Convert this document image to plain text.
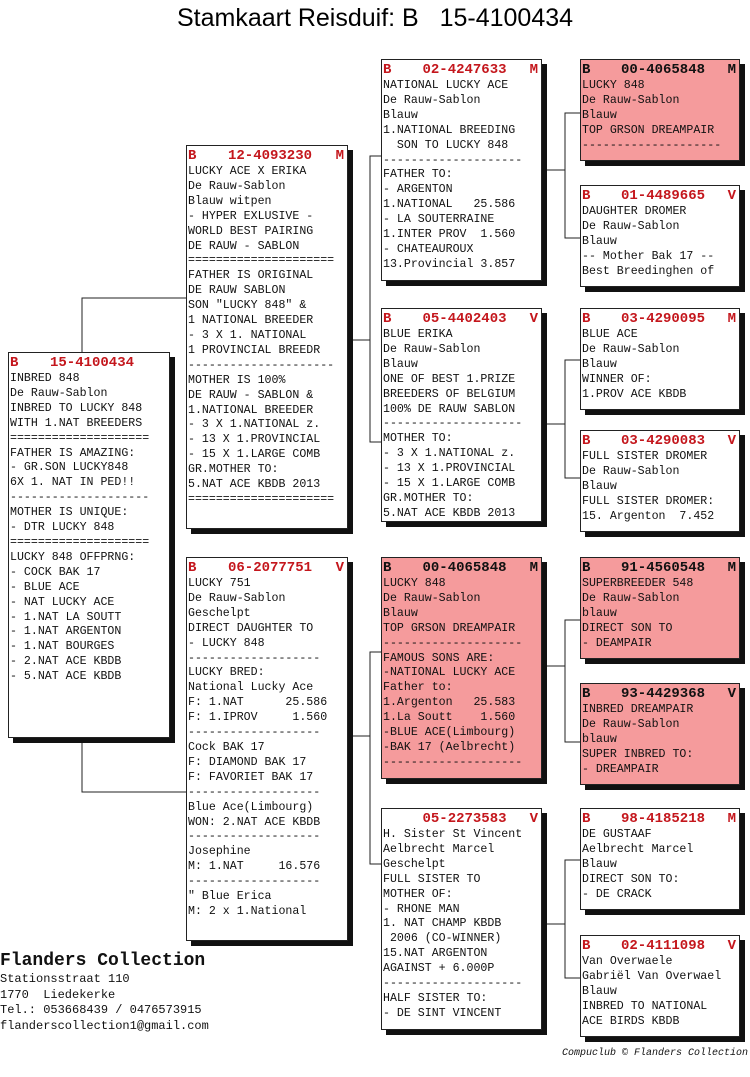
Stamkaart Reisduif: B   15-4100434
B	15-4100434
INBRED 848
De Rauw-Sablon
INBRED TO LUCKY 848
WITH 1.NAT BREEDERS
====================
FATHER IS AMAZING:
- GR.SON LUCKY848
6X 1. NAT IN PED!!
--------------------
MOTHER IS UNIQUE:
- DTR LUCKY 848
====================
LUCKY 848 OFFPRNG:
- COCK BAK 17
- BLUE ACE
- NAT LUCKY ACE
- 1.NAT LA SOUTT
- 1.NAT ARGENTON
- 1.NAT BOURGES
- 2.NAT ACE KBDB
- 5.NAT ACE KBDB
B	12-4093230	M
LUCKY ACE X ERIKA
De Rauw-Sablon
Blauw witpen
- HYPER EXLUSIVE -
WORLD BEST PAIRING
DE RAUW - SABLON
=====================
FATHER IS ORIGINAL
DE RAUW SABLON
SON "LUCKY 848" &
1 NATIONAL BREEDER
- 3 X 1. NATIONAL
1 PROVINCIAL BREEDR
---------------------
MOTHER IS 100%
DE RAUW - SABLON &
1.NATIONAL BREEDER
- 3 X 1.NATIONAL z.
- 13 X 1.PROVINCIAL
- 15 X 1.LARGE COMB
GR.MOTHER TO:
5.NAT ACE KBDB 2013
=====================
B	06-2077751	V
LUCKY 751
De Rauw-Sablon
Geschelpt
DIRECT DAUGHTER TO
- LUCKY 848
-------------------
LUCKY BRED:
National Lucky Ace
F: 1.NAT      25.586
F: 1.IPROV     1.560
-------------------
Cock BAK 17
F: DIAMOND BAK 17
F: FAVORIET BAK 17
-------------------
Blue Ace(Limbourg)
WON: 2.NAT ACE KBDB
-------------------
Josephine
M: 1.NAT     16.576
-------------------
" Blue Erica
M: 2 x 1.National
B	02-4247633	M
NATIONAL LUCKY ACE
De Rauw-Sablon
Blauw
1.NATIONAL BREEDING
SON TO LUCKY 848
--------------------
FATHER TO:
- ARGENTON
1.NATIONAL   25.586
- LA SOUTERRAINE
1.INTER PROV  1.560
- CHATEAUROUX
13.Provincial 3.857
B	05-4402403	V
BLUE ERIKA
De Rauw-Sablon
Blauw
ONE OF BEST 1.PRIZE
BREEDERS OF BELGIUM
100% DE RAUW SABLON
--------------------
MOTHER TO:
- 3 X 1.NATIONAL z.
- 13 X 1.PROVINCIAL
- 15 X 1.LARGE COMB
GR.MOTHER TO:
5.NAT ACE KBDB 2013
B	00-4065848	M
LUCKY 848
De Rauw-Sablon
Blauw
TOP GRSON DREAMPAIR
--------------------
FAMOUS SONS ARE:
-NATIONAL LUCKY ACE
Father to:
1.Argenton   25.583
1.La Soutt    1.560
-BLUE ACE(Limbourg)
-BAK 17 (Aelbrecht)
--------------------
05-2273583	V
H. Sister St Vincent
Aelbrecht Marcel
Geschelpt
FULL SISTER TO
MOTHER OF:
- RHONE MAN
1. NAT CHAMP KBDB
2006 (CO-WINNER)
15.NAT ARGENTON
AGAINST + 6.000P
--------------------
HALF SISTER TO:
- DE SINT VINCENT
B	00-4065848	M
LUCKY 848
De Rauw-Sablon
Blauw
TOP GRSON DREAMPAIR
--------------------
B	01-4489665	V
DAUGHTER DROMER
De Rauw-Sablon
Blauw
-- Mother Bak 17 --
Best Breedinghen of
B	03-4290095	M
BLUE ACE
De Rauw-Sablon
Blauw
WINNER OF:
1.PROV ACE KBDB
B	03-4290083	V
FULL SISTER DROMER
De Rauw-Sablon
Blauw
FULL SISTER DROMER:
15. Argenton  7.452
B	91-4560548	M
SUPERBREEDER 548
De Rauw-Sablon
blauw
DIRECT SON TO
- DEAMPAIR
B	93-4429368	V
INBRED DREAMPAIR
De Rauw-Sablon
blauw
SUPER INBRED TO:
- DREAMPAIR
B	98-4185218	M
DE GUSTAAF
Aelbrecht Marcel
Blauw
DIRECT SON TO:
- DE CRACK
B	02-4111098	V
Van Overwaele
Gabriël Van Overwael
Blauw
INBRED TO NATIONAL
ACE BIRDS KBDB
Flanders Collection
Stationsstraat 110
1770  Liedekerke
Tel.: 053668439 / 0476573915
flanderscollection1@gmail.com
Compuclub © Flanders Collection
